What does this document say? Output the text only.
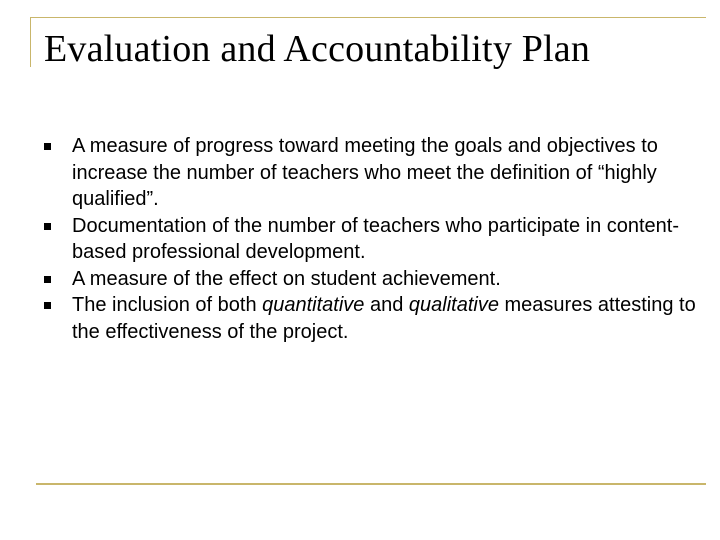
Evaluation and Accountability Plan
A measure of progress toward meeting the goals and objectives to increase the number of teachers who meet the definition of “highly qualified”.
Documentation of the number of teachers who participate in content-based professional development.
A measure of the effect on student achievement.
The inclusion of both quantitative and qualitative measures attesting to the effectiveness of the project.
